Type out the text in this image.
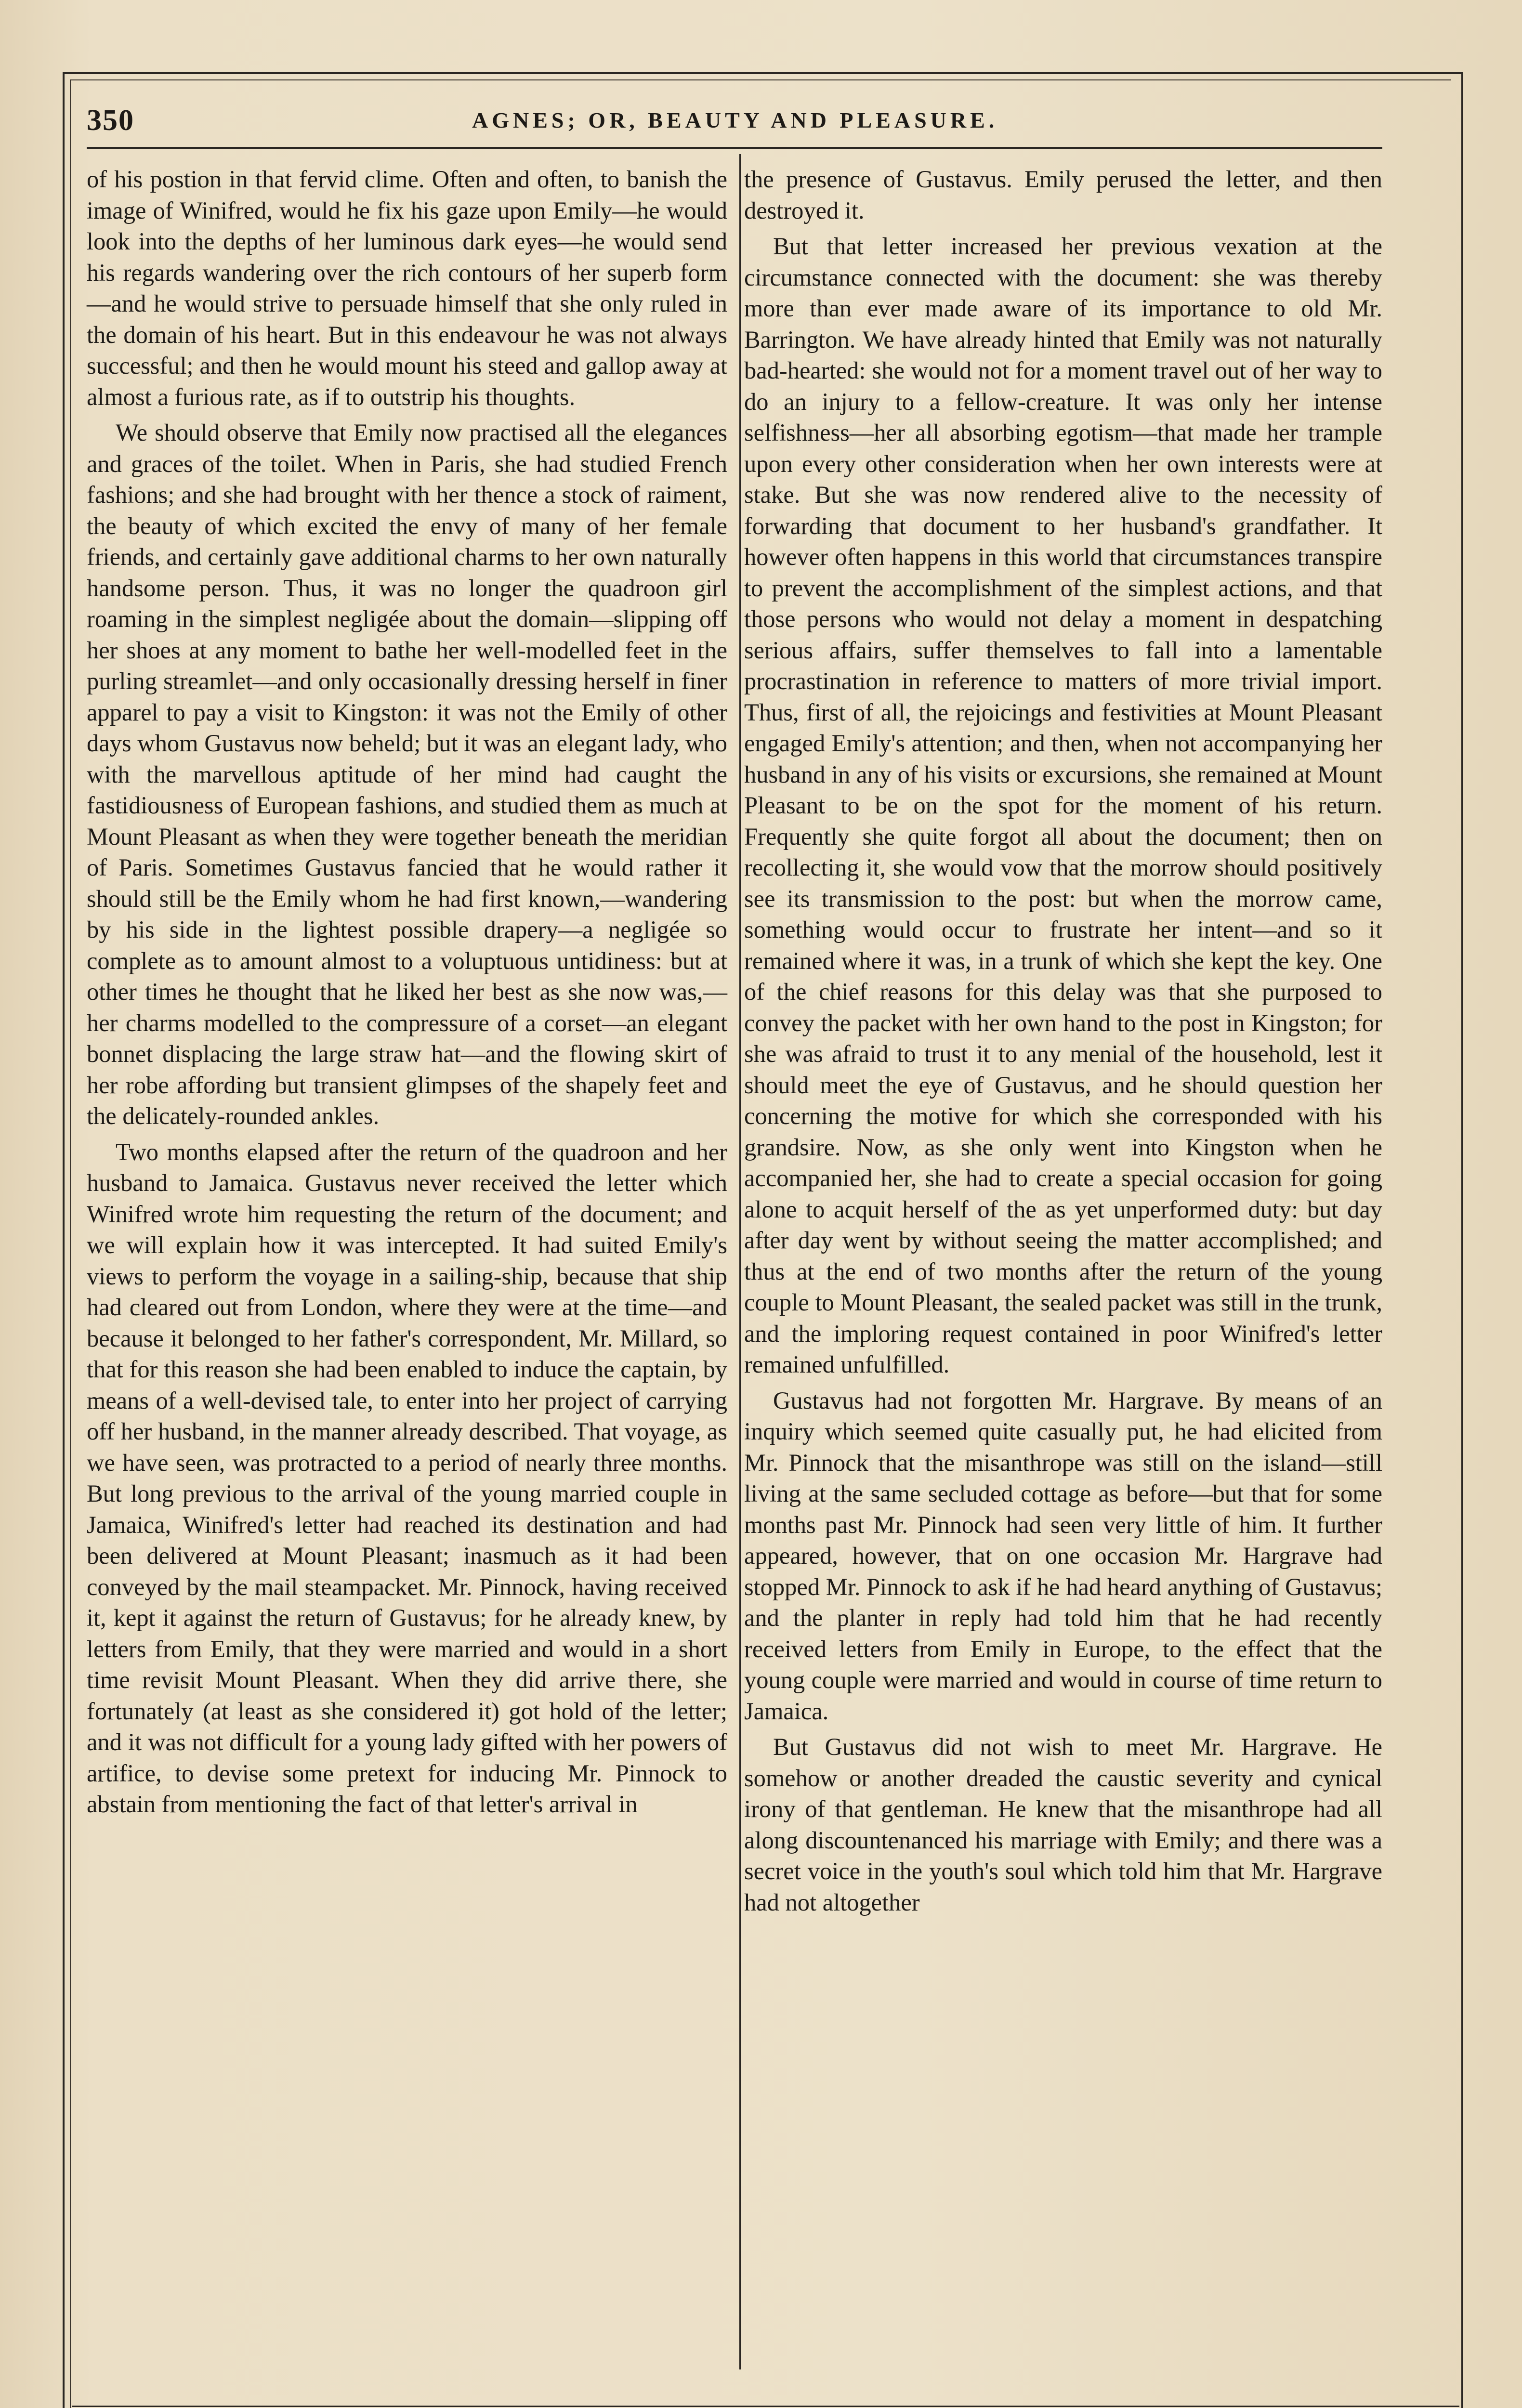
350	AGNES; OR, BEAUTY AND PLEASURE.

of his postion in that fervid clime. Often and often, to banish the image of Winifred, would he fix his gaze upon Emily—he would look into the depths of her luminous dark eyes—he would send his regards wandering over the rich contours of her superb form—and he would strive to persuade himself that she only ruled in the domain of his heart. But in this endeavour he was not always successful; and then he would mount his steed and gallop away at almost a furious rate, as if to outstrip his thoughts.

We should observe that Emily now practised all the elegances and graces of the toilet. When in Paris, she had studied French fashions; and she had brought with her thence a stock of raiment, the beauty of which excited the envy of many of her female friends, and certainly gave additional charms to her own naturally handsome person. Thus, it was no longer the quadroon girl roaming in the simplest negligée about the domain—slipping off her shoes at any moment to bathe her well-modelled feet in the purling streamlet—and only occasionally dressing herself in finer apparel to pay a visit to Kingston: it was not the Emily of other days whom Gustavus now beheld; but it was an elegant lady, who with the marvellous aptitude of her mind had caught the fastidiousness of European fashions, and studied them as much at Mount Pleasant as when they were together beneath the meridian of Paris. Sometimes Gustavus fancied that he would rather it should still be the Emily whom he had first known,—wandering by his side in the lightest possible drapery—a negligée so complete as to amount almost to a voluptuous untidiness: but at other times he thought that he liked her best as she now was,—her charms modelled to the compressure of a corset—an elegant bonnet displacing the large straw hat—and the flowing skirt of her robe affording but transient glimpses of the shapely feet and the delicately-rounded ankles.

Two months elapsed after the return of the quadroon and her husband to Jamaica. Gustavus never received the letter which Winifred wrote him requesting the return of the document; and we will explain how it was intercepted. It had suited Emily's views to perform the voyage in a sailing-ship, because that ship had cleared out from London, where they were at the time—and because it belonged to her father's correspondent, Mr. Millard, so that for this reason she had been enabled to induce the captain, by means of a well-devised tale, to enter into her project of carrying off her husband, in the manner already described. That voyage, as we have seen, was protracted to a period of nearly three months. But long previous to the arrival of the young married couple in Jamaica, Winifred's letter had reached its destination and had been delivered at Mount Pleasant; inasmuch as it had been conveyed by the mail steampacket. Mr. Pinnock, having received it, kept it against the return of Gustavus; for he already knew, by letters from Emily, that they were married and would in a short time revisit Mount Pleasant. When they did arrive there, she fortunately (at least as she considered it) got hold of the letter; and it was not difficult for a young lady gifted with her powers of artifice, to devise some pretext for inducing Mr. Pinnock to abstain from mentioning the fact of that letter's arrival in

the presence of Gustavus. Emily perused the letter, and then destroyed it.

But that letter increased her previous vexation at the circumstance connected with the document: she was thereby more than ever made aware of its importance to old Mr. Barrington. We have already hinted that Emily was not naturally bad-hearted: she would not for a moment travel out of her way to do an injury to a fellow-creature. It was only her intense selfishness—her all absorbing egotism—that made her trample upon every other consideration when her own interests were at stake. But she was now rendered alive to the necessity of forwarding that document to her husband's grandfather. It however often happens in this world that circumstances transpire to prevent the accomplishment of the simplest actions, and that those persons who would not delay a moment in despatching serious affairs, suffer themselves to fall into a lamentable procrastination in reference to matters of more trivial import. Thus, first of all, the rejoicings and festivities at Mount Pleasant engaged Emily's attention; and then, when not accompanying her husband in any of his visits or excursions, she remained at Mount Pleasant to be on the spot for the moment of his return. Frequently she quite forgot all about the document; then on recollecting it, she would vow that the morrow should positively see its transmission to the post: but when the morrow came, something would occur to frustrate her intent—and so it remained where it was, in a trunk of which she kept the key. One of the chief reasons for this delay was that she purposed to convey the packet with her own hand to the post in Kingston; for she was afraid to trust it to any menial of the household, lest it should meet the eye of Gustavus, and he should question her concerning the motive for which she corresponded with his grandsire. Now, as she only went into Kingston when he accompanied her, she had to create a special occasion for going alone to acquit herself of the as yet unperformed duty: but day after day went by without seeing the matter accomplished; and thus at the end of two months after the return of the young couple to Mount Pleasant, the sealed packet was still in the trunk, and the imploring request contained in poor Winifred's letter remained unfulfilled.

Gustavus had not forgotten Mr. Hargrave. By means of an inquiry which seemed quite casually put, he had elicited from Mr. Pinnock that the misanthrope was still on the island—still living at the same secluded cottage as before—but that for some months past Mr. Pinnock had seen very little of him. It further appeared, however, that on one occasion Mr. Hargrave had stopped Mr. Pinnock to ask if he had heard anything of Gustavus; and the planter in reply had told him that he had recently received letters from Emily in Europe, to the effect that the young couple were married and would in course of time return to Jamaica.

But Gustavus did not wish to meet Mr. Hargrave. He somehow or another dreaded the caustic severity and cynical irony of that gentleman. He knew that the misanthrope had all along discountenanced his marriage with Emily; and there was a secret voice in the youth's soul which told him that Mr. Hargrave had not altogether
